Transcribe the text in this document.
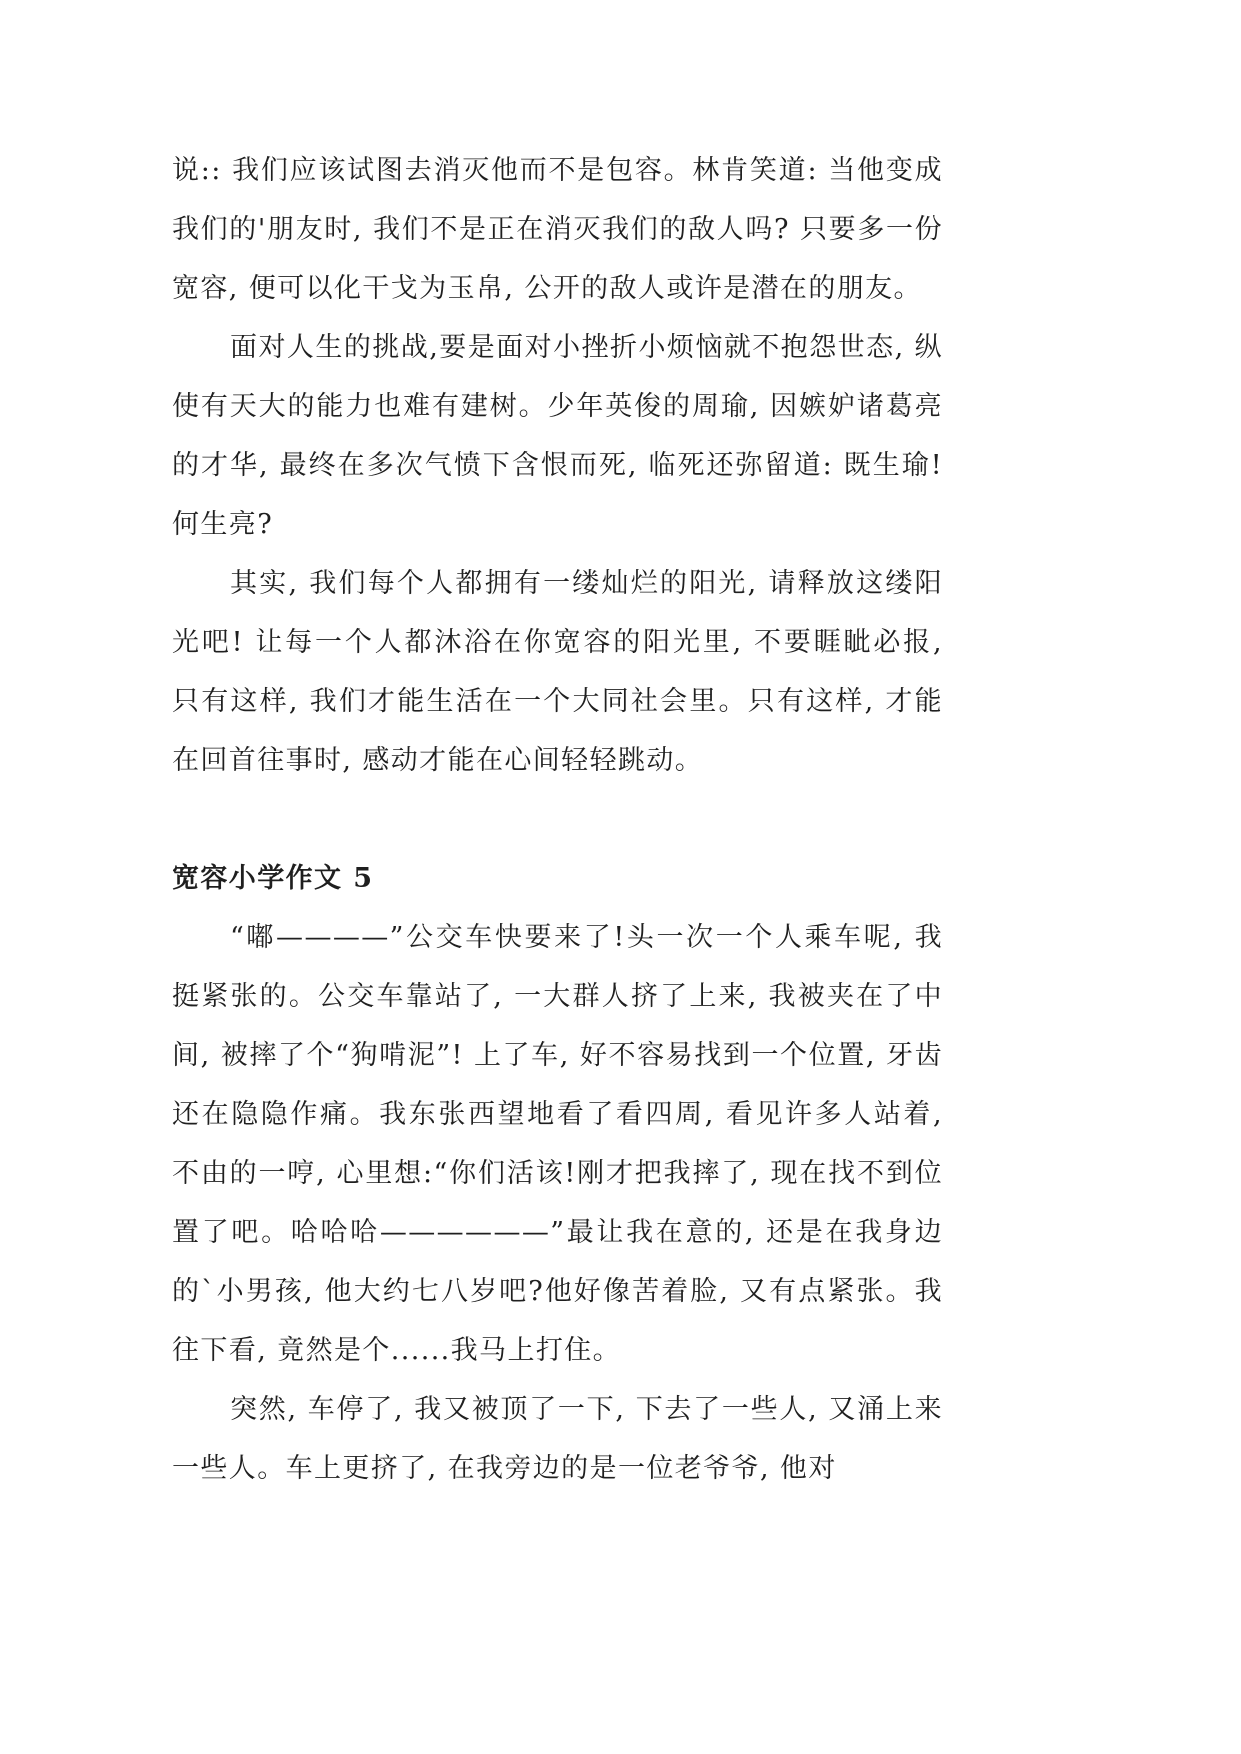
说:: 我们应该试图去消灭他而不是包容。林肯笑道: 当他变成我们的'朋友时, 我们不是正在消灭我们的敌人吗? 只要多一份宽容, 便可以化干戈为玉帛, 公开的敌人或许是潜在的朋友。

面对人生的挑战,要是面对小挫折小烦恼就不抱怨世态, 纵使有天大的能力也难有建树。少年英俊的周瑜, 因嫉妒诸葛亮的才华, 最终在多次气愤下含恨而死, 临死还弥留道: 既生瑜! 何生亮?

其实, 我们每个人都拥有一缕灿烂的阳光, 请释放这缕阳光吧! 让每一个人都沐浴在你宽容的阳光里, 不要睚眦必报, 只有这样, 我们才能生活在一个大同社会里。只有这样, 才能在回首往事时, 感动才能在心间轻轻跳动。

宽容小学作文 5

“嘟————”公交车快要来了!头一次一个人乘车呢, 我挺紧张的。公交车靠站了, 一大群人挤了上来, 我被夹在了中间, 被摔了个“狗啃泥”! 上了车, 好不容易找到一个位置, 牙齿还在隐隐作痛。我东张西望地看了看四周, 看见许多人站着, 不由的一哼, 心里想:“你们活该!刚才把我摔了, 现在找不到位置了吧。哈哈哈——————”最让我在意的, 还是在我身边的`小男孩, 他大约七八岁吧?他好像苦着脸, 又有点紧张。我往下看, 竟然是个......我马上打住。

突然, 车停了, 我又被顶了一下, 下去了一些人, 又涌上来一些人。车上更挤了, 在我旁边的是一位老爷爷, 他对
